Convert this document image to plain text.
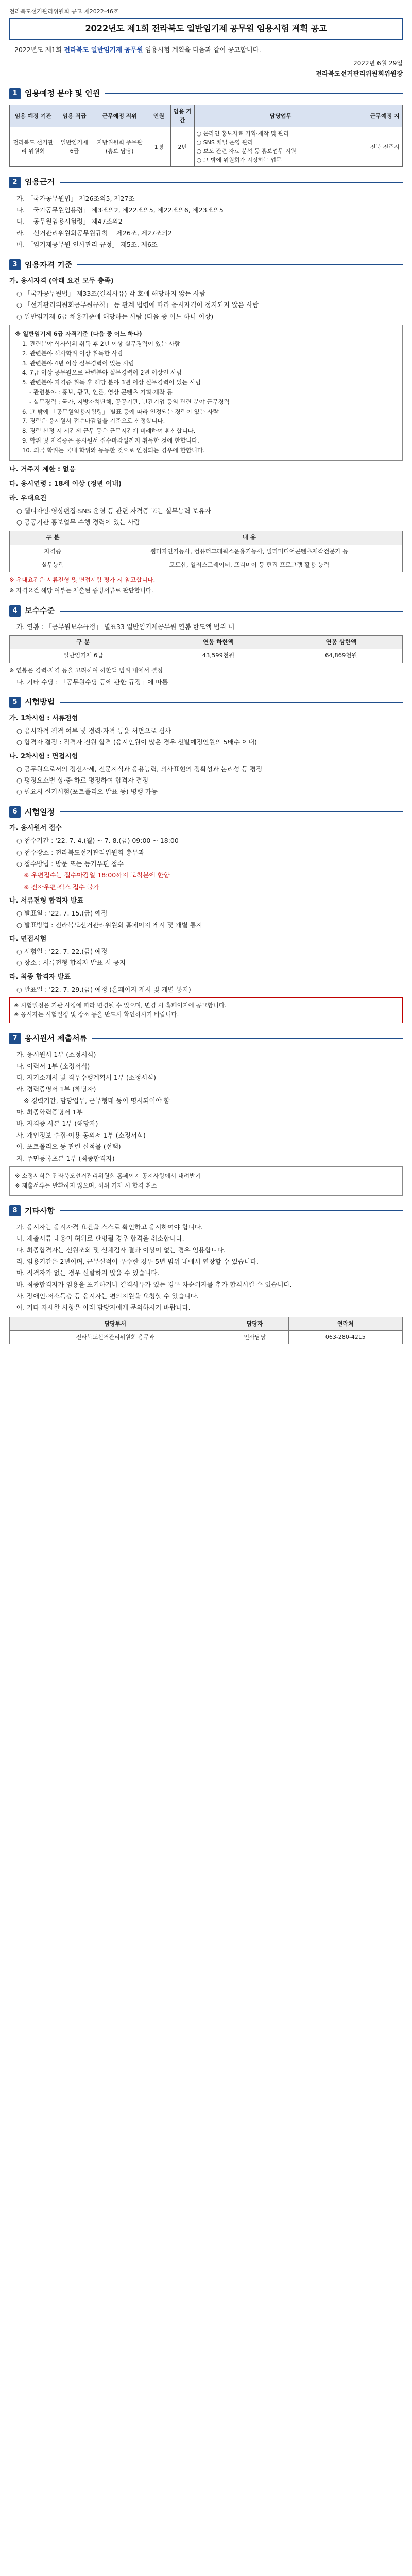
전라북도선거관리위원회 공고 제2022-46호
2022년도 제1회 전라북도 일반임기제 공무원 임용시험 계획 공고

2022년도 제1회 전라북도 일반임기제 공무원 임용시험 계획을 다음과 같이 공고합니다.

2022년 6월 29일
전라북도선거관리위원회위원장
1 임용예정 분야 및 인원
임용 예정 기관	임용 직급	근무예정 직위	인원	임용 기간	담당업무	근무예정 지
전라북도 선거관리 위원회	일반임기제 6급	지방위원회 주무관 (홍보 담당)	1명	2년	○ 온라인 홍보자료 기획·제작 및 관리
○ SNS 채널 운영 관리
○ 보도 관련 자료 분석 등 홍보업무 지원
○ 그 밖에 위원회가 지정하는 업무	전북 전주시
2 임용근거
가. 「국가공무원법」 제26조의5, 제27조
나. 「국가공무원임용령」 제3조의2, 제22조의5, 제22조의6, 제23조의5
다. 「공무원임용시험령」 제47조의2
라. 「선거관리위원회공무원규칙」 제26조, 제27조의2
마. 「임기제공무원 인사관리 규정」 제5조, 제6조
3 임용자격 기준
가. 응시자격 (아래 요건 모두 충족)
○ 「국가공무원법」 제33조(결격사유) 각 호에 해당하지 않는 사람
○ 「선거관리위원회공무원규칙」 등 관계 법령에 따라 응시자격이 정지되지 않은 사람
○ 일반임기제 6급 채용기준에 해당하는 사람 (다음 중 어느 하나 이상)
※ 일반임기제 6급 자격기준 (다음 중 어느 하나)
1. 관련분야 학사학위 취득 후 2년 이상 실무경력이 있는 사람
2. 관련분야 석사학위 이상 취득한 사람
3. 관련분야 4년 이상 실무경력이 있는 사람
4. 7급 이상 공무원으로 관련분야 실무경력이 2년 이상인 사람
5. 관련분야 자격증 취득 후 해당 분야 3년 이상 실무경력이 있는 사람
- 관련분야 : 홍보, 광고, 언론, 영상 콘텐츠 기획·제작 등
- 실무경력 : 국가, 지방자치단체, 공공기관, 민간기업 등의 관련 분야 근무경력
6. 그 밖에 「공무원임용시험령」 별표 등에 따라 인정되는 경력이 있는 사람
7. 경력은 응시원서 접수마감일을 기준으로 산정합니다.
8. 경력 산정 시 시간제 근무 등은 근무시간에 비례하여 환산합니다.
9. 학위 및 자격증은 응시원서 접수마감일까지 취득한 것에 한합니다.
10. 외국 학위는 국내 학위와 동등한 것으로 인정되는 경우에 한합니다.
나. 거주지 제한 : 없음
다. 응시연령 : 18세 이상 (정년 이내)
라. 우대요건
○ 웹디자인·영상편집·SNS 운영 등 관련 자격증 또는 실무능력 보유자
○ 공공기관 홍보업무 수행 경력이 있는 사람
구 분	내 용
자격증	웹디자인기능사, 컴퓨터그래픽스운용기능사, 멀티미디어콘텐츠제작전문가 등
실무능력	포토샵, 일러스트레이터, 프리미어 등 편집 프로그램 활용 능력
※ 우대요건은 서류전형 및 면접시험 평가 시 참고합니다.
※ 자격요건 해당 여부는 제출된 증빙서류로 판단합니다.
4 보수수준
가. 연봉 : 「공무원보수규정」 별표33 일반임기제공무원 연봉 한도액 범위 내
구 분	연봉 하한액	연봉 상한액
일반임기제 6급	43,599천원	64,869천원
※ 연봉은 경력·자격 등을 고려하여 하한액 범위 내에서 결정
나. 기타 수당 : 「공무원수당 등에 관한 규정」에 따름
5 시험방법
가. 1차시험 : 서류전형
○ 응시자격 적격 여부 및 경력·자격 등을 서면으로 심사
○ 합격자 결정 : 적격자 전원 합격 (응시인원이 많은 경우 선발예정인원의 5배수 이내)
나. 2차시험 : 면접시험
○ 공무원으로서의 정신자세, 전문지식과 응용능력, 의사표현의 정확성과 논리성 등 평정
○ 평정요소별 상·중·하로 평정하여 합격자 결정
○ 필요시 실기시험(포트폴리오 발표 등) 병행 가능
6 시험일정
가. 응시원서 접수
○ 접수기간 : '22. 7. 4.(월) ~ 7. 8.(금) 09:00 ~ 18:00
○ 접수장소 : 전라북도선거관리위원회 총무과
○ 접수방법 : 방문 또는 등기우편 접수
※ 우편접수는 접수마감일 18:00까지 도착분에 한함
※ 전자우편·팩스 접수 불가
나. 서류전형 합격자 발표
○ 발표일 : '22. 7. 15.(금) 예정
○ 발표방법 : 전라북도선거관리위원회 홈페이지 게시 및 개별 통지
다. 면접시험
○ 시험일 : '22. 7. 22.(금) 예정
○ 장소 : 서류전형 합격자 발표 시 공지
라. 최종 합격자 발표
○ 발표일 : '22. 7. 29.(금) 예정 (홈페이지 게시 및 개별 통지)
※ 시험일정은 기관 사정에 따라 변경될 수 있으며, 변경 시 홈페이지에 공고합니다.
※ 응시자는 시험일정 및 장소 등을 반드시 확인하시기 바랍니다.
7 응시원서 제출서류
가. 응시원서 1부 (소정서식)
나. 이력서 1부 (소정서식)
다. 자기소개서 및 직무수행계획서 1부 (소정서식)
라. 경력증명서 1부 (해당자)
※ 경력기간, 담당업무, 근무형태 등이 명시되어야 함
마. 최종학력증명서 1부
바. 자격증 사본 1부 (해당자)
사. 개인정보 수집·이용 동의서 1부 (소정서식)
아. 포트폴리오 등 관련 실적물 (선택)
자. 주민등록초본 1부 (최종합격자)
※ 소정서식은 전라북도선거관리위원회 홈페이지 공지사항에서 내려받기
※ 제출서류는 반환하지 않으며, 허위 기재 시 합격 취소
8 기타사항
가. 응시자는 응시자격 요건을 스스로 확인하고 응시하여야 합니다.
나. 제출서류 내용이 허위로 판명될 경우 합격을 취소합니다.
다. 최종합격자는 신원조회 및 신체검사 결과 이상이 없는 경우 임용합니다.
라. 임용기간은 2년이며, 근무실적이 우수한 경우 5년 범위 내에서 연장할 수 있습니다.
마. 적격자가 없는 경우 선발하지 않을 수 있습니다.
바. 최종합격자가 임용을 포기하거나 결격사유가 있는 경우 차순위자를 추가 합격시킬 수 있습니다.
사. 장애인·저소득층 등 응시자는 편의지원을 요청할 수 있습니다.
아. 기타 자세한 사항은 아래 담당자에게 문의하시기 바랍니다.
담당부서	담당자	연락처
전라북도선거관리위원회 총무과	인사담당	063-280-4215
